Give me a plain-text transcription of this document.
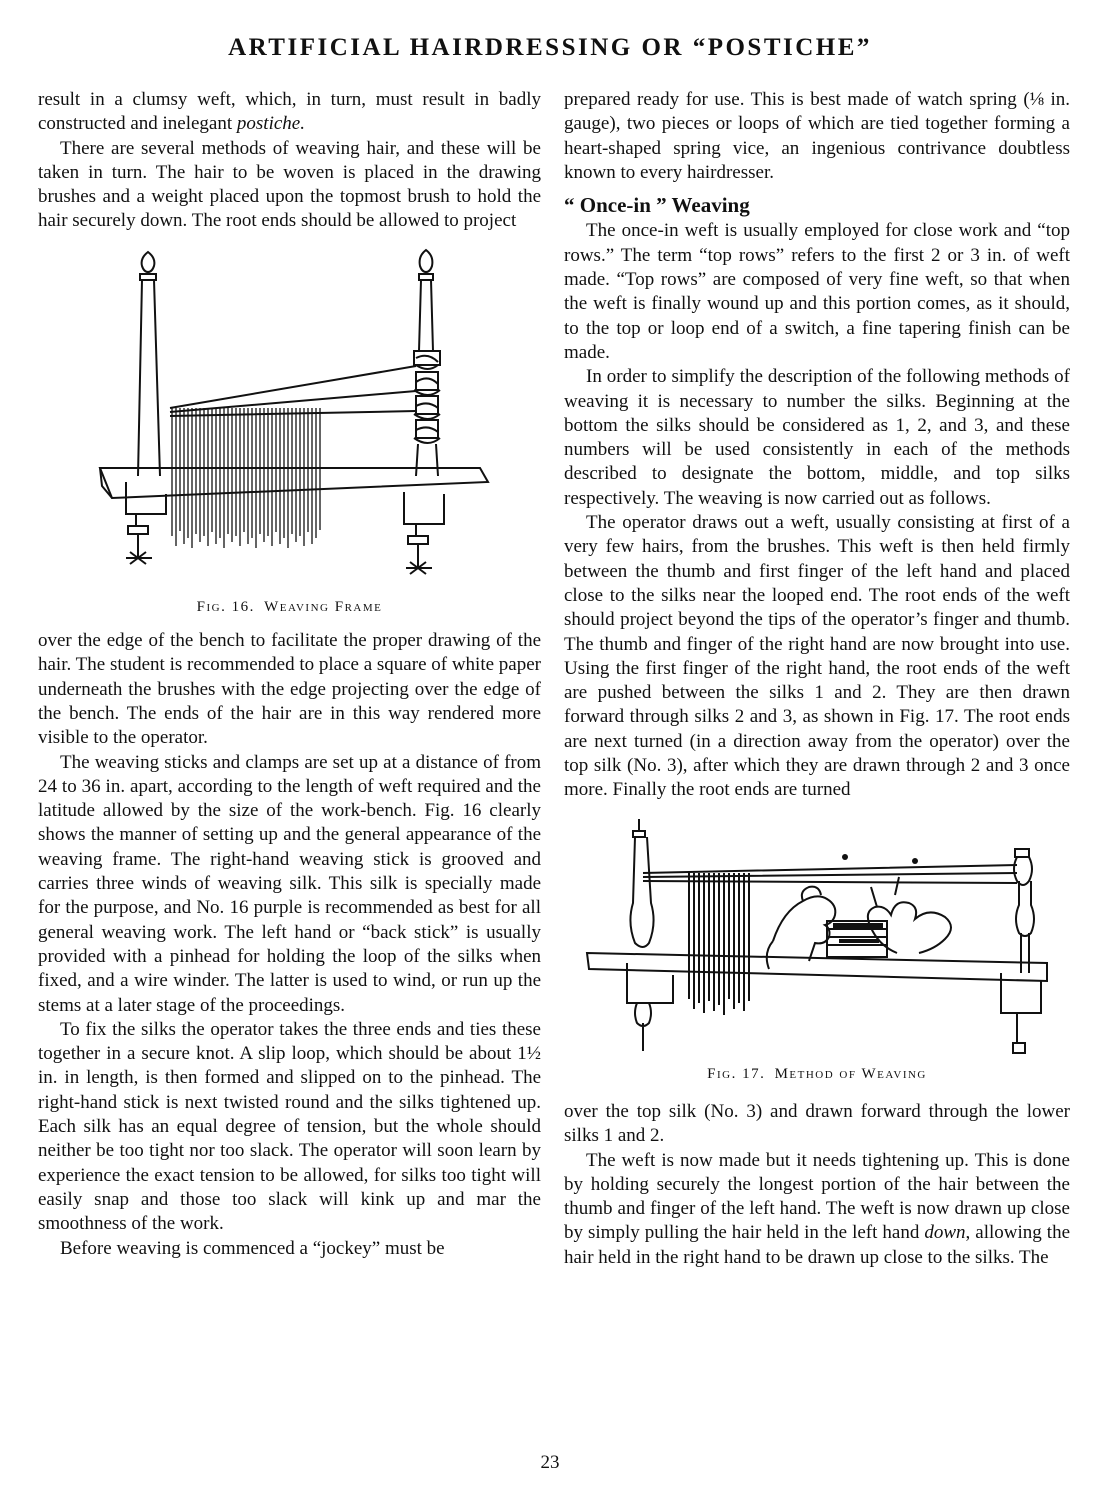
ARTIFICIAL HAIRDRESSING OR “POSTICHE”

result in a clumsy weft, which, in turn, must result in badly constructed and inelegant postiche.

There are several methods of weaving hair, and these will be taken in turn. The hair to be woven is placed in the drawing brushes and a weight placed upon the topmost brush to hold the hair securely down. The root ends should be allowed to project

Fig. 16. Weaving Frame

over the edge of the bench to facilitate the proper drawing of the hair. The student is recommended to place a square of white paper underneath the brushes with the edge projecting over the edge of the bench. The ends of the hair are in this way rendered more visible to the operator.

The weaving sticks and clamps are set up at a distance of from 24 to 36 in. apart, according to the length of weft required and the latitude allowed by the size of the work-bench. Fig. 16 clearly shows the manner of setting up and the general appearance of the weaving frame. The right-hand weaving stick is grooved and carries three winds of weaving silk. This silk is specially made for the purpose, and No. 16 purple is recommended as best for all general weaving work. The left hand or “back stick” is usually provided with a pinhead for holding the loop of the silks when fixed, and a wire winder. The latter is used to wind, or run up the stems at a later stage of the proceedings.

To fix the silks the operator takes the three ends and ties these together in a secure knot. A slip loop, which should be about 1½ in. in length, is then formed and slipped on to the pinhead. The right-hand stick is next twisted round and the silks tightened up. Each silk has an equal degree of tension, but the whole should neither be too tight nor too slack. The operator will soon learn by experience the exact tension to be allowed, for silks too tight will easily snap and those too slack will kink up and mar the smoothness of the work.

Before weaving is commenced a “jockey” must be

prepared ready for use. This is best made of watch spring (⅛ in. gauge), two pieces or loops of which are tied together forming a heart-shaped spring vice, an ingenious contrivance doubtless known to every hairdresser.

“ Once-in ” Weaving

The once-in weft is usually employed for close work and “top rows.” The term “top rows” refers to the first 2 or 3 in. of weft made. “Top rows” are composed of very fine weft, so that when the weft is finally wound up and this portion comes, as it should, to the top or loop end of a switch, a fine tapering finish can be made.

In order to simplify the description of the following methods of weaving it is necessary to number the silks. Beginning at the bottom the silks should be considered as 1, 2, and 3, and these numbers will be used consistently in each of the methods described to designate the bottom, middle, and top silks respectively. The weaving is now carried out as follows.

The operator draws out a weft, usually consisting at first of a very few hairs, from the brushes. This weft is then held firmly between the thumb and first finger of the left hand and placed close to the silks near the looped end. The root ends of the weft should project beyond the tips of the operator’s finger and thumb. The thumb and finger of the right hand are now brought into use. Using the first finger of the right hand, the root ends of the weft are pushed between the silks 1 and 2. They are then drawn forward through silks 2 and 3, as shown in Fig. 17. The root ends are next turned (in a direction away from the operator) over the top silk (No. 3), after which they are drawn through 2 and 3 once more. Finally the root ends are turned

Fig. 17. Method of Weaving

over the top silk (No. 3) and drawn forward through the lower silks 1 and 2.

The weft is now made but it needs tightening up. This is done by holding securely the longest portion of the hair between the thumb and finger of the left hand. The weft is now drawn up close by simply pulling the hair held in the left hand down, allowing the hair held in the right hand to be drawn up close to the silks. The

23
